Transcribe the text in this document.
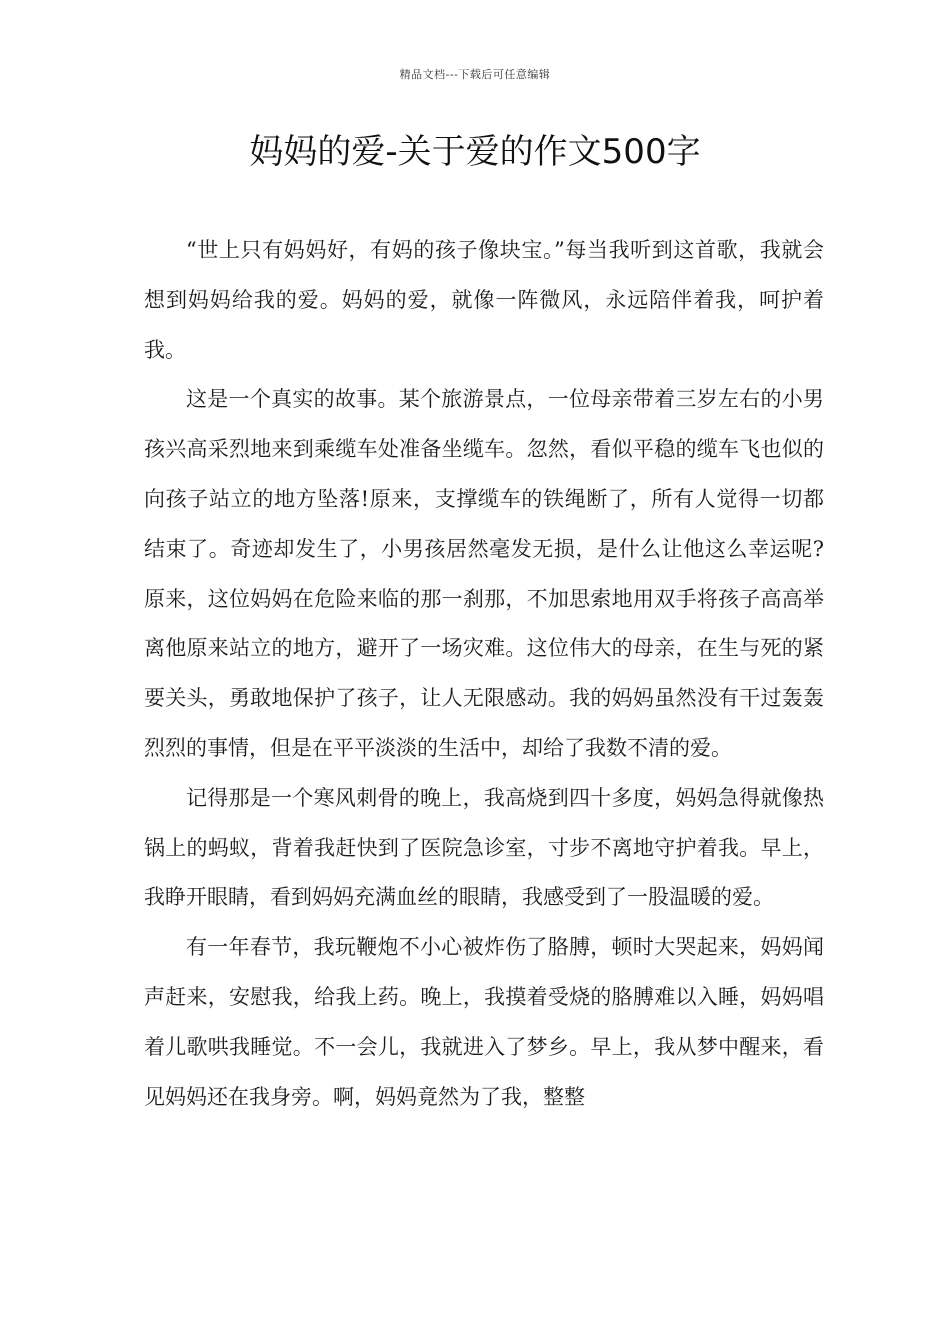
精品文档---下载后可任意编辑
妈妈的爱-关于爱的作文500字

“世上只有妈妈好，有妈的孩子像块宝。”每当我听到这首歌，我就会想到妈妈给我的爱。妈妈的爱，就像一阵微风，永远陪伴着我，呵护着我。

这是一个真实的故事。某个旅游景点，一位母亲带着三岁左右的小男孩兴高采烈地来到乘缆车处准备坐缆车。忽然，看似平稳的缆车飞也似的向孩子站立的地方坠落!原来，支撑缆车的铁绳断了，所有人觉得一切都结束了。奇迹却发生了，小男孩居然毫发无损，是什么让他这么幸运呢?原来，这位妈妈在危险来临的那一刹那，不加思索地用双手将孩子高高举离他原来站立的地方，避开了一场灾难。这位伟大的母亲，在生与死的紧要关头，勇敢地保护了孩子，让人无限感动。我的妈妈虽然没有干过轰轰烈烈的事情，但是在平平淡淡的生活中，却给了我数不清的爱。

记得那是一个寒风刺骨的晚上，我高烧到四十多度，妈妈急得就像热锅上的蚂蚁，背着我赶快到了医院急诊室，寸步不离地守护着我。早上，我睁开眼睛，看到妈妈充满血丝的眼睛，我感受到了一股温暖的爱。

有一年春节，我玩鞭炮不小心被炸伤了胳膊，顿时大哭起来，妈妈闻声赶来，安慰我，给我上药。晚上，我摸着受烧的胳膊难以入睡，妈妈唱着儿歌哄我睡觉。不一会儿，我就进入了梦乡。早上，我从梦中醒来，看见妈妈还在我身旁。啊，妈妈竟然为了我，整整
